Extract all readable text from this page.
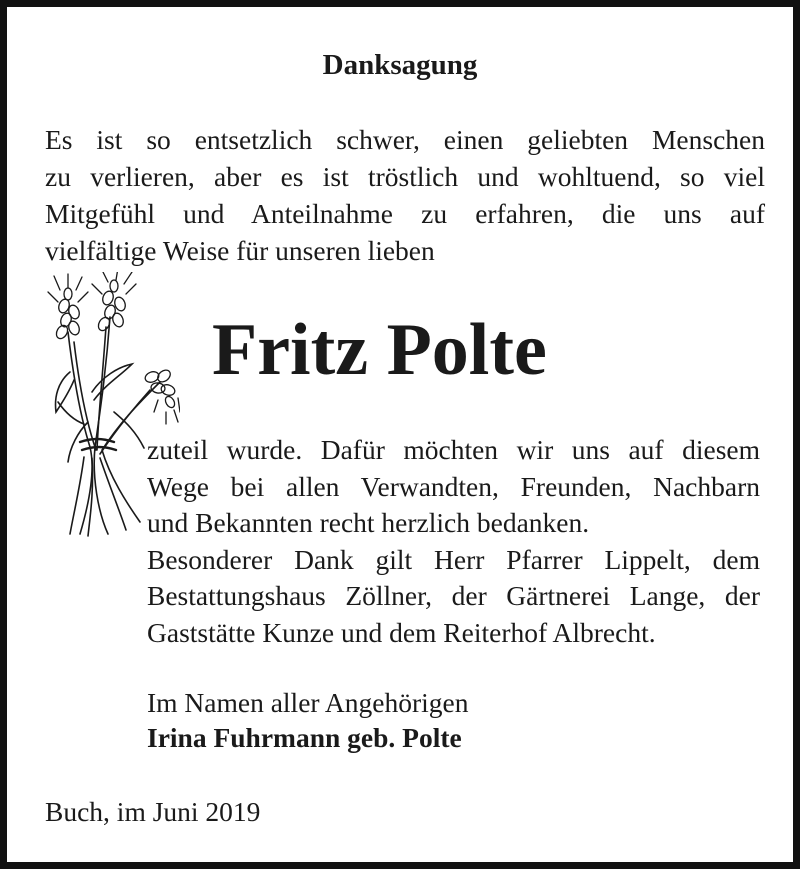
Danksagung
Es ist so entsetzlich schwer, einen geliebten Menschen
zu verlieren, aber es ist tröstlich und wohltuend, so viel
Mitgefühl und Anteilnahme zu erfahren, die uns auf
vielfältige Weise für unseren lieben
Fritz Polte
zuteil wurde. Dafür möchten wir uns auf diesem
Wege bei allen Verwandten, Freunden, Nachbarn
und Bekannten recht herzlich bedanken.
Besonderer Dank gilt Herr Pfarrer Lippelt, dem
Bestattungshaus Zöllner, der Gärtnerei Lange, der
Gaststätte Kunze und dem Reiterhof Albrecht.
Im Namen aller Angehörigen
Irina Fuhrmann geb. Polte
Buch, im Juni 2019
